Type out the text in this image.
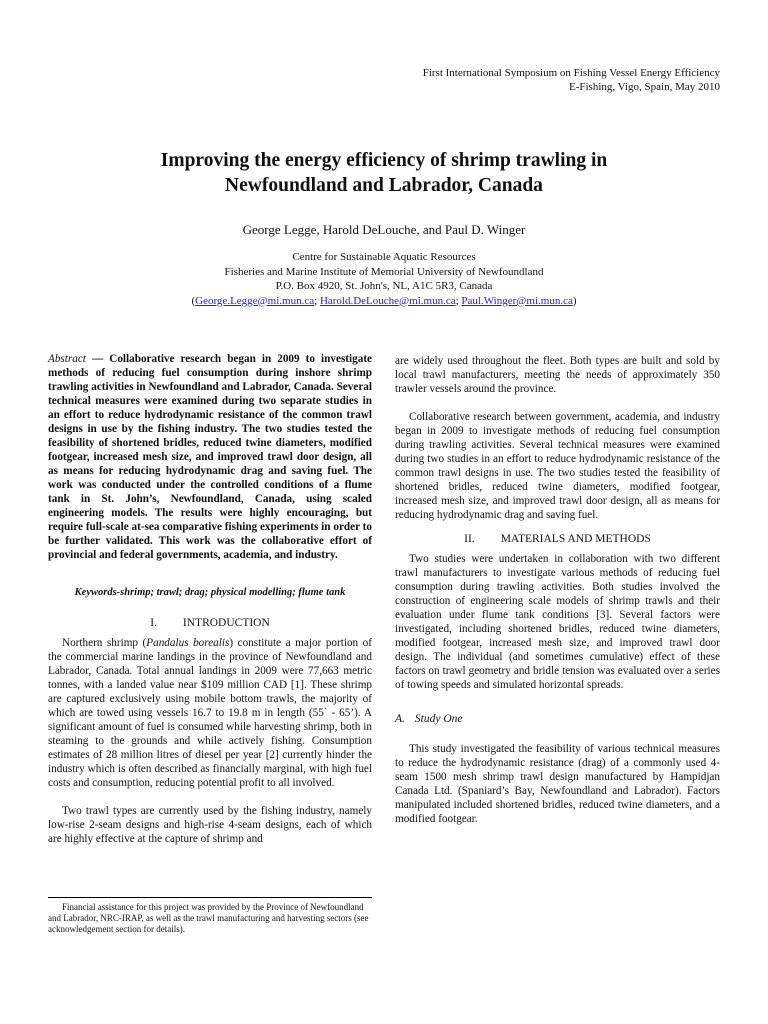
First International Symposium on Fishing Vessel Energy Efficiency
E-Fishing, Vigo, Spain, May 2010
Improving the energy efficiency of shrimp trawling in
Newfoundland and Labrador, Canada
George Legge, Harold DeLouche, and Paul D. Winger
Centre for Sustainable Aquatic Resources
Fisheries and Marine Institute of Memorial University of Newfoundland
P.O. Box 4920, St. John's, NL, A1C 5R3, Canada
(George.Legge@mi.mun.ca; Harold.DeLouche@mi.mun.ca; Paul.Winger@mi.mun.ca)

Abstract — Collaborative research began in 2009 to investigate methods of reducing fuel consumption during inshore shrimp trawling activities in Newfoundland and Labrador, Canada. Several technical measures were examined during two separate studies in an effort to reduce hydrodynamic resistance of the common trawl designs in use by the fishing industry. The two studies tested the feasibility of shortened bridles, reduced twine diameters, modified footgear, increased mesh size, and improved trawl door design, all as means for reducing hydrodynamic drag and saving fuel. The work was conducted under the controlled conditions of a flume tank in St. John’s, Newfoundland, Canada, using scaled engineering models. The results were highly encouraging, but require full-scale at-sea comparative fishing experiments in order to be further validated. This work was the collaborative effort of provincial and federal governments, academia, and industry.

Keywords-shrimp; trawl; drag; physical modelling; flume tank

I. INTRODUCTION

Northern shrimp (Pandalus borealis) constitute a major portion of the commercial marine landings in the province of Newfoundland and Labrador, Canada. Total annual landings in 2009 were 77,663 metric tonnes, with a landed value near $109 million CAD [1]. These shrimp are captured exclusively using mobile bottom trawls, the majority of which are towed using vessels 16.7 to 19.8 m in length (55` - 65’). A significant amount of fuel is consumed while harvesting shrimp, both in steaming to the grounds and while actively fishing. Consumption estimates of 28 million litres of diesel per year [2] currently hinder the industry which is often described as financially marginal, with high fuel costs and consumption, reducing potential profit to all involved.

Two trawl types are currently used by the fishing industry, namely low-rise 2-seam designs and high-rise 4-seam designs, each of which are highly effective at the capture of shrimp and

Financial assistance for this project was provided by the Province of Newfoundland and Labrador, NRC-IRAP, as well as the trawl manufacturing and harvesting sectors (see acknowledgement section for details).

are widely used throughout the fleet. Both types are built and sold by local trawl manufacturers, meeting the needs of approximately 350 trawler vessels around the province.

Collaborative research between government, academia, and industry began in 2009 to investigate methods of reducing fuel consumption during trawling activities. Several technical measures were examined during two studies in an effort to reduce hydrodynamic resistance of the common trawl designs in use. The two studies tested the feasibility of shortened bridles, reduced twine diameters, modified footgear, increased mesh size, and improved trawl door design, all as means for reducing hydrodynamic drag and saving fuel.

II. MATERIALS AND METHODS

Two studies were undertaken in collaboration with two different trawl manufacturers to investigate various methods of reducing fuel consumption during trawling activities. Both studies involved the construction of engineering scale models of shrimp trawls and their evaluation under flume tank conditions [3]. Several factors were investigated, including shortened bridles, reduced twine diameters, modified footgear, increased mesh size, and improved trawl door design. The individual (and sometimes cumulative) effect of these factors on trawl geometry and bridle tension was evaluated over a series of towing speeds and simulated horizontal spreads.

A. Study One

This study investigated the feasibility of various technical measures to reduce the hydrodynamic resistance (drag) of a commonly used 4-seam 1500 mesh shrimp trawl design manufactured by Hampidjan Canada Ltd. (Spaniard’s Bay, Newfoundland and Labrador). Factors manipulated included shortened bridles, reduced twine diameters, and a modified footgear.
